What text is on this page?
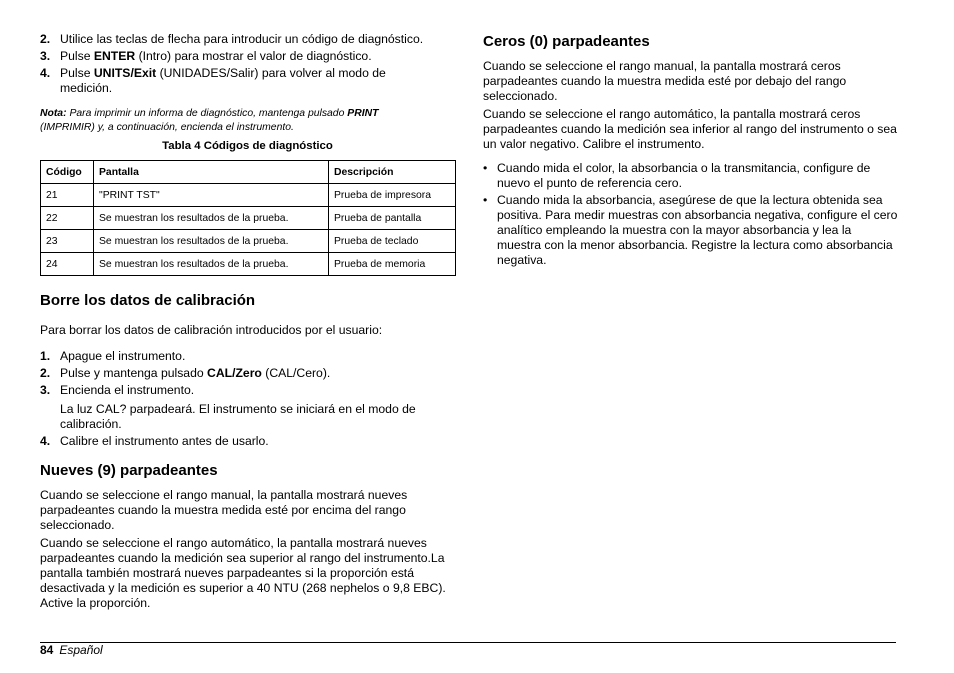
2. Utilice las teclas de flecha para introducir un código de diagnóstico.
3. Pulse ENTER (Intro) para mostrar el valor de diagnóstico.
4. Pulse UNITS/Exit (UNIDADES/Salir) para volver al modo de medición.
Nota: Para imprimir un informa de diagnóstico, mantenga pulsado PRINT (IMPRIMIR) y, a continuación, encienda el instrumento.
Tabla 4 Códigos de diagnóstico
Código	Pantalla	Descripción
21	"PRINT TST"	Prueba de impresora
22	Se muestran los resultados de la prueba.	Prueba de pantalla
23	Se muestran los resultados de la prueba.	Prueba de teclado
24	Se muestran los resultados de la prueba.	Prueba de memoria
Borre los datos de calibración

Para borrar los datos de calibración introducidos por el usuario:

1. Apague el instrumento.
2. Pulse y mantenga pulsado CAL/Zero (CAL/Cero).
3. Encienda el instrumento.
La luz CAL? parpadeará. El instrumento se iniciará en el modo de calibración.
4. Calibre el instrumento antes de usarlo.
Nueves (9) parpadeantes

Cuando se seleccione el rango manual, la pantalla mostrará nueves parpadeantes cuando la muestra medida esté por encima del rango seleccionado.

Cuando se seleccione el rango automático, la pantalla mostrará nueves parpadeantes cuando la medición sea superior al rango del instrumento.La pantalla también mostrará nueves parpadeantes si la proporción está desactivada y la medición es superior a 40 NTU (268 nephelos o 9,8 EBC). Active la proporción.

Ceros (0) parpadeantes

Cuando se seleccione el rango manual, la pantalla mostrará ceros parpadeantes cuando la muestra medida esté por debajo del rango seleccionado.

Cuando se seleccione el rango automático, la pantalla mostrará ceros parpadeantes cuando la medición sea inferior al rango del instrumento o sea un valor negativo. Calibre el instrumento.

• Cuando mida el color, la absorbancia o la transmitancia, configure de nuevo el punto de referencia cero.
• Cuando mida la absorbancia, asegúrese de que la lectura obtenida sea positiva. Para medir muestras con absorbancia negativa, configure el cero analítico empleando la muestra con la mayor absorbancia y lea la muestra con la menor absorbancia. Registre la lectura como absorbancia negativa.
84 Español
